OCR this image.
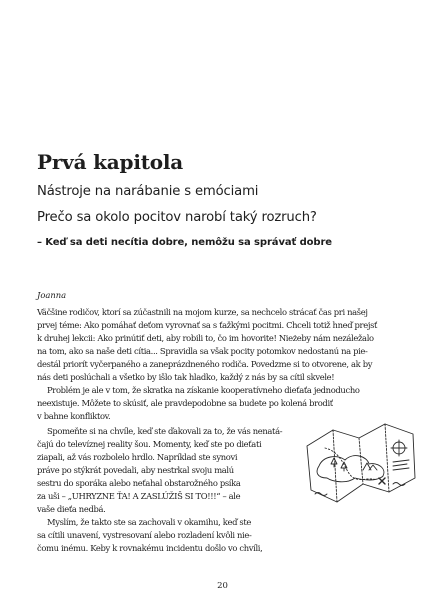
Prvá kapitola

Nástroje na narábanie s emóciami

Prečo sa okolo pocitov narobí taký rozruch?

– Keď sa deti necítia dobre, nemôžu sa správať dobre

Joanna

Väčšine rodičov, ktorí sa zúčastnili na mojom kurze, sa nechcelo strácať čas pri našej

prvej téme: Ako pomáhať deťom vyrovnať sa s ťažkými pocitmi. Chceli totiž hneď prejsť

k druhej lekcii: Ako prinútiť deti, aby robili to, čo im hovorite! Nieżeby nám nezáležalo

na tom, ako sa naše deti cítia... Spravidla sa však pocity potomkov nedostanú na pie-

destál priorít vyčerpaného a zaneprázdneného rodiča. Povedzme si to otvorene, ak by

nás deti poslúchali a všetko by išlo tak hladko, každý z nás by sa cítil skvele!

Problém je ale v tom, že skratka na získanie kooperatívneho dieťaťa jednoducho

neexistuje. Môžete to skúsiť, ale pravdepodobne sa budete po kolená brodiť

v bahne konfliktov.

Spomeňte si na chvíle, keď ste ďakovali za to, že vás nenatá-

čajú do televíznej reality šou. Momenty, keď ste po dieťati

ziapali, až vás rozbolelo hrdlo. Napríklad ste synovi

práve po stýkrát povedali, aby nestrkal svoju malú

sestru do sporáka alebo neťahal obstarožného psíka

za uši – „UHRYZNE ŤA! A ZASLÚŽIŠ SI TO!!!“ – ale

vaše dieťa nedbá.

Myslím, že takto ste sa zachovali v okamihu, keď ste

sa cítili unavení, vystresovaní alebo rozladení kvôli nie-

čomu inému. Keby k rovnakému incidentu došlo vo chvíli,

20
